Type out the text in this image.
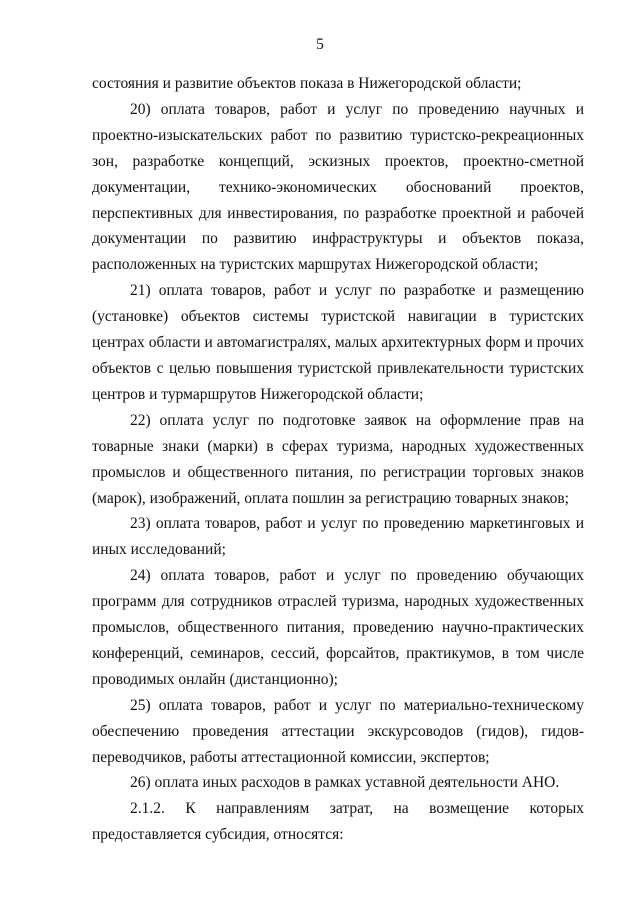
5

состояния и развитие объектов показа в Нижегородской области;

20) оплата товаров, работ и услуг по проведению научных и проектно-изыскательских работ по развитию туристско-рекреационных зон, разработке концепций, эскизных проектов, проектно-сметной документации, технико-экономических обоснований проектов, перспективных для инвестирования, по разработке проектной и рабочей документации по развитию инфраструктуры и объектов показа, расположенных на туристских маршрутах Нижегородской области;

21) оплата товаров, работ и услуг по разработке и размещению (установке) объектов системы туристской навигации в туристских центрах области и автомагистралях, малых архитектурных форм и прочих объектов с целью повышения туристской привлекательности туристских центров и турмаршрутов Нижегородской области;

22) оплата услуг по подготовке заявок на оформление прав на товарные знаки (марки) в сферах туризма, народных художественных промыслов и общественного питания, по регистрации торговых знаков (марок), изображений, оплата пошлин за регистрацию товарных знаков;

23) оплата товаров, работ и услуг по проведению маркетинговых и иных исследований;

24) оплата товаров, работ и услуг по проведению обучающих программ для сотрудников отраслей туризма, народных художественных промыслов, общественного питания, проведению научно-практических конференций, семинаров, сессий, форсайтов, практикумов, в том числе проводимых онлайн (дистанционно);

25) оплата товаров, работ и услуг по материально-техническому обеспечению проведения аттестации экскурсоводов (гидов), гидов-переводчиков, работы аттестационной комиссии, экспертов;

26) оплата иных расходов в рамках уставной деятельности АНО.

2.1.2. К направлениям затрат, на возмещение которых

предоставляется субсидия, относятся:
